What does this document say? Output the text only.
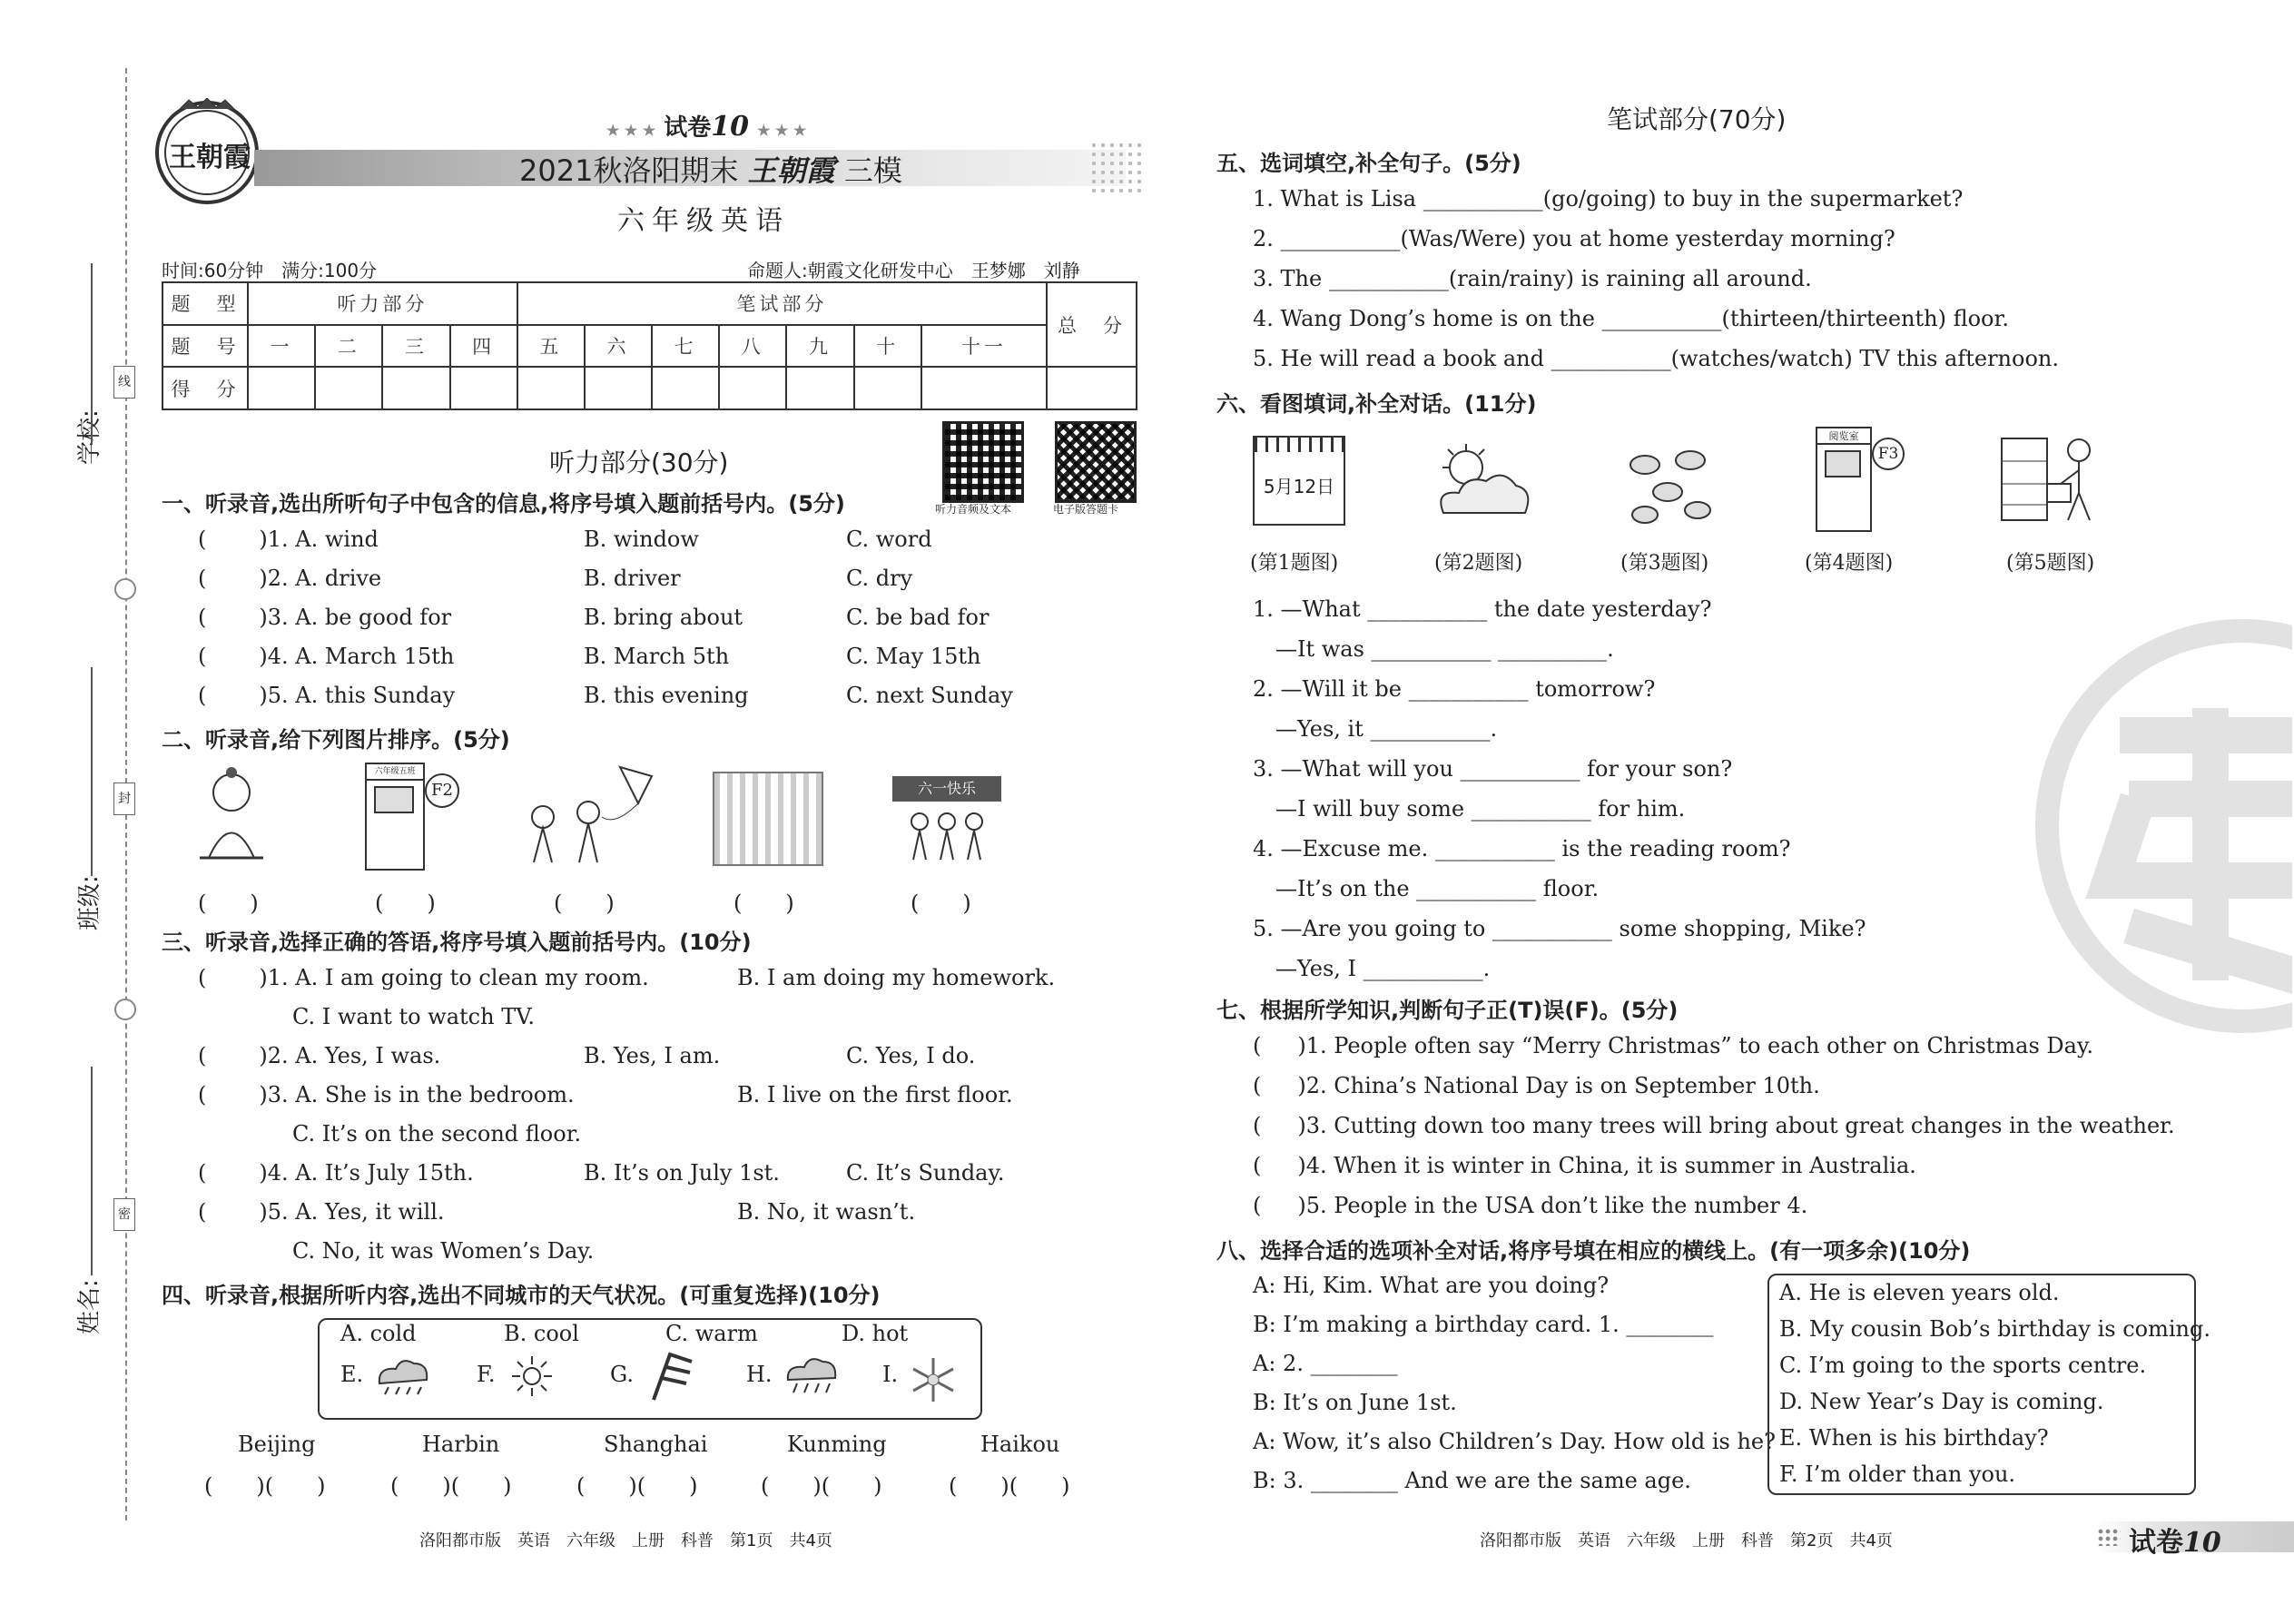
学校:
班级:
姓名:
线
封
密
王朝霞
★ ★ ★ 试卷10 ★ ★ ★
2021秋洛阳期末 王朝霞 三模
六年级英语
时间:60分钟　满分:100分	命题人:朝霞文化研发中心　王梦娜　刘静
题　型	听力部分				笔试部分							总　分
题　号	一	二	三	四	五	六	七	八	九	十	十一	
得　分												
听力部分(30分)
听力音频及文本	电子版答题卡
一、听录音,选出所听句子中包含的信息,将序号填入题前括号内。(5分)
( )1. A. wind	B. window	C. word
( )2. A. drive	B. driver	C. dry
( )3. A. be good for	B. bring about	C. be bad for
( )4. A. March 15th	B. March 5th	C. May 15th
( )5. A. this Sunday	B. this evening	C. next Sunday
二、听录音,给下列图片排序。(5分)
六年级五班
F2	六一快乐
(　　)	(　　)	(　　)	(　　)	(　　)
三、听录音,选择正确的答语,将序号填入题前括号内。(10分)
( )1. A. I am going to clean my room.	B. I am doing my homework.
C. I want to watch TV.
( )2. A. Yes, I was.	B. Yes, I am.	C. Yes, I do.
( )3. A. She is in the bedroom.	B. I live on the first floor.
C. It’s on the second floor.
( )4. A. It’s July 15th.	B. It’s on July 1st.	C. It’s Sunday.
( )5. A. Yes, it will.	B. No, it wasn’t.
C. No, it was Women’s Day.
四、听录音,根据所听内容,选出不同城市的天气状况。(可重复选择)(10分)
A. cold	B. cool	C. warm	D. hot
E.	F.	G.	H.	I.
Beijing	Harbin	Shanghai	Kunming	Haikou
(　　)(　　)	(　　)(　　)	(　　)(　　)	(　　)(　　)	(　　)(　　)
笔试部分(70分)
五、选词填空,补全句子。(5分)
1. What is Lisa ___________(go/going) to buy in the supermarket?
2. ___________(Was/Were) you at home yesterday morning?
3. The ___________(rain/rainy) is raining all around.
4. Wang Dong’s home is on the ___________(thirteen/thirteenth) floor.
5. He will read a book and ___________(watches/watch) TV this afternoon.
六、看图填词,补全对话。(11分)
5月12日
阅览室
F3
(第1题图)	(第2题图)	(第3题图)	(第4题图)	(第5题图)
1. —What ___________ the date yesterday?
—It was ___________ __________.
2. —Will it be ___________ tomorrow?
—Yes, it ___________.
3. —What will you ___________ for your son?
—I will buy some ___________ for him.
4. —Excuse me. ___________ is the reading room?
—It’s on the ___________ floor.
5. —Are you going to ___________ some shopping, Mike?
—Yes, I ___________.
七、根据所学知识,判断句子正(T)误(F)。(5分)
( )1. People often say “Merry Christmas” to each other on Christmas Day.
( )2. China’s National Day is on September 10th.
( )3. Cutting down too many trees will bring about great changes in the weather.
( )4. When it is winter in China, it is summer in Australia.
( )5. People in the USA don’t like the number 4.
八、选择合适的选项补全对话,将序号填在相应的横线上。(有一项多余)(10分)
A: Hi, Kim. What are you doing?
B: I’m making a birthday card. 1. ________
A: 2. ________
B: It’s on June 1st.
A: Wow, it’s also Children’s Day. How old is he?
B: 3. ________ And we are the same age.
A. He is eleven years old.
B. My cousin Bob’s birthday is coming.
C. I’m going to the sports centre.
D. New Year’s Day is coming.
E. When is his birthday?
F. I’m older than you.
洛阳都市版　英语　六年级　上册　科普　第1页　共4页	洛阳都市版　英语　六年级　上册　科普　第2页　共4页	试卷10
